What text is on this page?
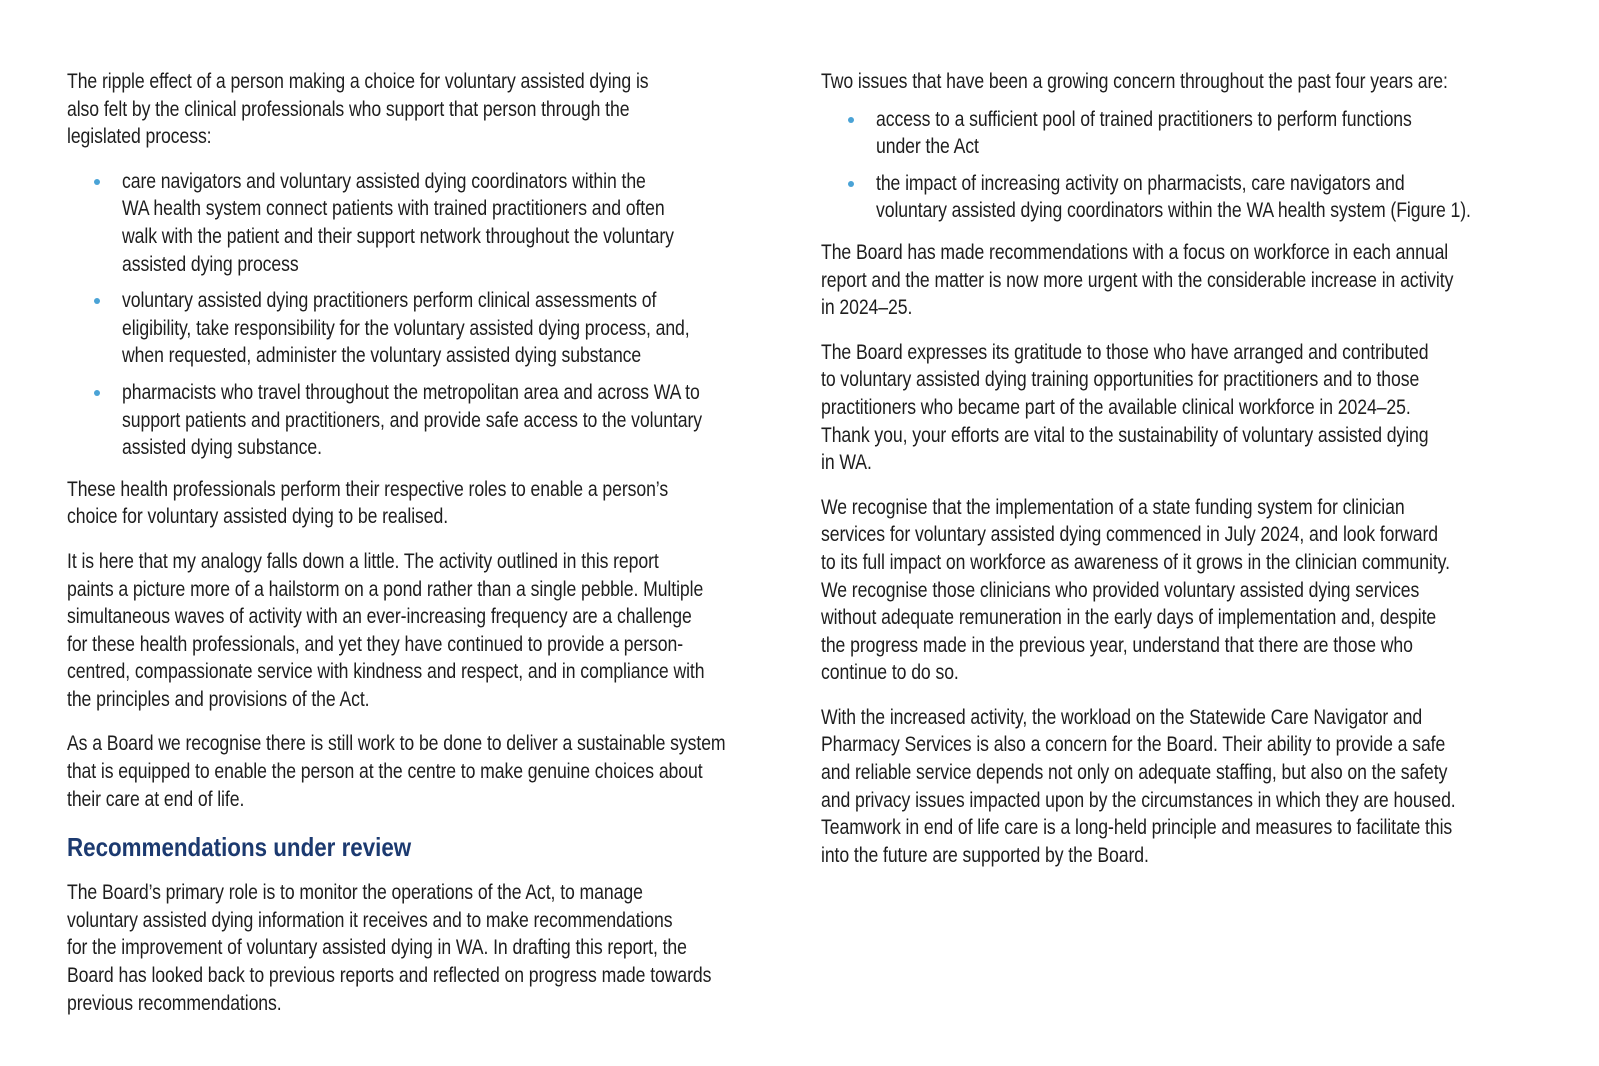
The ripple effect of a person making a choice for voluntary assisted dying is
also felt by the clinical professionals who support that person through the
legislated process:
care navigators and voluntary assisted dying coordinators within the
WA health system connect patients with trained practitioners and often
walk with the patient and their support network throughout the voluntary
assisted dying process
voluntary assisted dying practitioners perform clinical assessments of
eligibility, take responsibility for the voluntary assisted dying process, and,
when requested, administer the voluntary assisted dying substance
pharmacists who travel throughout the metropolitan area and across WA to
support patients and practitioners, and provide safe access to the voluntary
assisted dying substance.
These health professionals perform their respective roles to enable a person’s
choice for voluntary assisted dying to be realised.
It is here that my analogy falls down a little. The activity outlined in this report
paints a picture more of a hailstorm on a pond rather than a single pebble. Multiple
simultaneous waves of activity with an ever-increasing frequency are a challenge
for these health professionals, and yet they have continued to provide a person-
centred, compassionate service with kindness and respect, and in compliance with
the principles and provisions of the Act.
As a Board we recognise there is still work to be done to deliver a sustainable system
that is equipped to enable the person at the centre to make genuine choices about
their care at end of life.
Recommendations under review
The Board’s primary role is to monitor the operations of the Act, to manage
voluntary assisted dying information it receives and to make recommendations
for the improvement of voluntary assisted dying in WA. In drafting this report, the
Board has looked back to previous reports and reflected on progress made towards
previous recommendations.
Two issues that have been a growing concern throughout the past four years are:
access to a sufficient pool of trained practitioners to perform functions
under the Act
the impact of increasing activity on pharmacists, care navigators and
voluntary assisted dying coordinators within the WA health system (Figure 1).
The Board has made recommendations with a focus on workforce in each annual
report and the matter is now more urgent with the considerable increase in activity
in 2024–25.
The Board expresses its gratitude to those who have arranged and contributed
to voluntary assisted dying training opportunities for practitioners and to those
practitioners who became part of the available clinical workforce in 2024–25.
Thank you, your efforts are vital to the sustainability of voluntary assisted dying
in WA.
We recognise that the implementation of a state funding system for clinician
services for voluntary assisted dying commenced in July 2024, and look forward
to its full impact on workforce as awareness of it grows in the clinician community.
We recognise those clinicians who provided voluntary assisted dying services
without adequate remuneration in the early days of implementation and, despite
the progress made in the previous year, understand that there are those who
continue to do so.
With the increased activity, the workload on the Statewide Care Navigator and
Pharmacy Services is also a concern for the Board. Their ability to provide a safe
and reliable service depends not only on adequate staffing, but also on the safety
and privacy issues impacted upon by the circumstances in which they are housed.
Teamwork in end of life care is a long-held principle and measures to facilitate this
into the future are supported by the Board.
